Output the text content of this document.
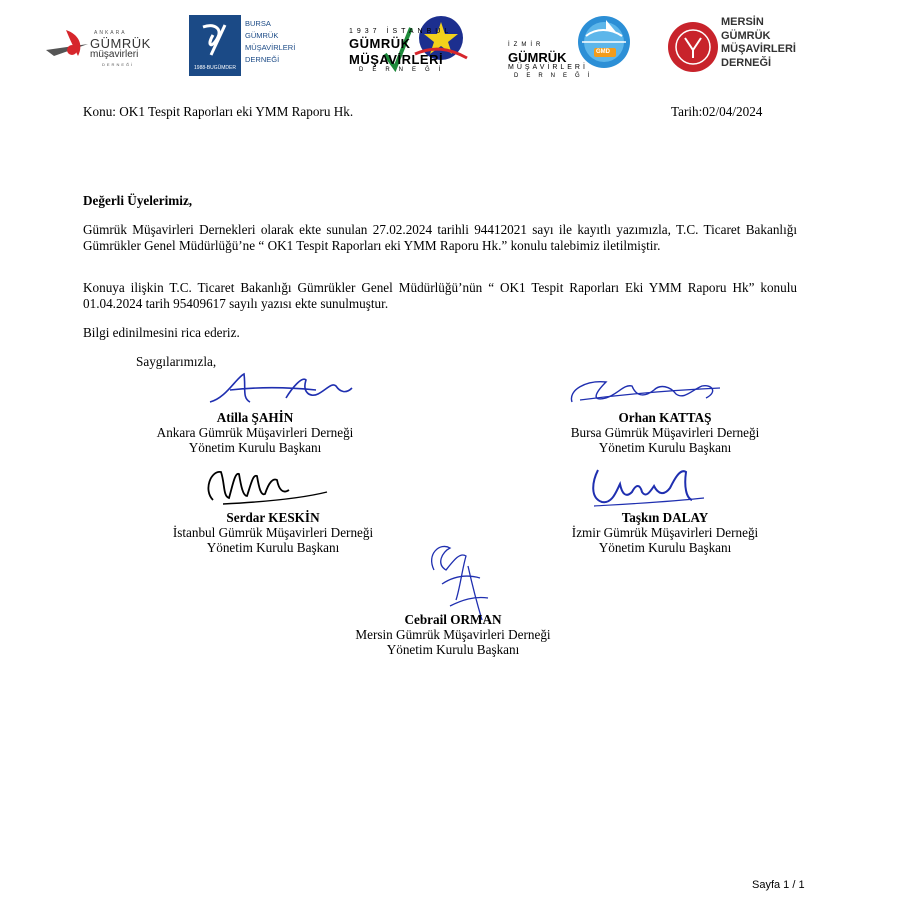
ANKARA
GÜMRÜK
müşavirleri
DERNEĞİ
1988-BUGÜMDER
BURSA
GÜMRÜK
MÜŞAVİRLERİ
DERNEĞİ
1937 İSTANBUL
GÜMRÜK
MÜŞAVİRLERİ
DERNEĞİ
GMD
İZMİR
GÜMRÜK
MÜŞAVİRLERİ
DERNEĞİ
MERSİN
GÜMRÜK
MÜŞAVİRLERİ
DERNEĞİ
Konu: OK1 Tespit Raporları eki YMM Raporu Hk.	Tarih:02/04/2024
Değerli Üyelerimiz,
Gümrük Müşavirleri Dernekleri olarak ekte sunulan 27.02.2024 tarihli 94412021 sayı ile kayıtlı yazımızla, T.C. Ticaret Bakanlığı Gümrükler Genel Müdürlüğü’ne “ OK1 Tespit Raporları eki YMM Raporu Hk.” konulu talebimiz iletilmiştir.
Konuya ilişkin T.C. Ticaret Bakanlığı Gümrükler Genel Müdürlüğü’nün “ OK1 Tespit Raporları Eki YMM Raporu Hk” konulu 01.04.2024 tarih 95409617 sayılı yazısı ekte sunulmuştur.
Bilgi edinilmesini rica ederiz.
Saygılarımızla,
Atilla ŞAHİN
Ankara Gümrük Müşavirleri Derneği
Yönetim Kurulu Başkanı
Orhan KATTAŞ
Bursa Gümrük Müşavirleri Derneği
Yönetim Kurulu Başkanı
Serdar KESKİN
İstanbul Gümrük Müşavirleri Derneği
Yönetim Kurulu Başkanı
Taşkın DALAY
İzmir Gümrük Müşavirleri Derneği
Yönetim Kurulu Başkanı
Cebrail ORMAN
Mersin Gümrük Müşavirleri Derneği
Yönetim Kurulu Başkanı
Sayfa 1 / 1
